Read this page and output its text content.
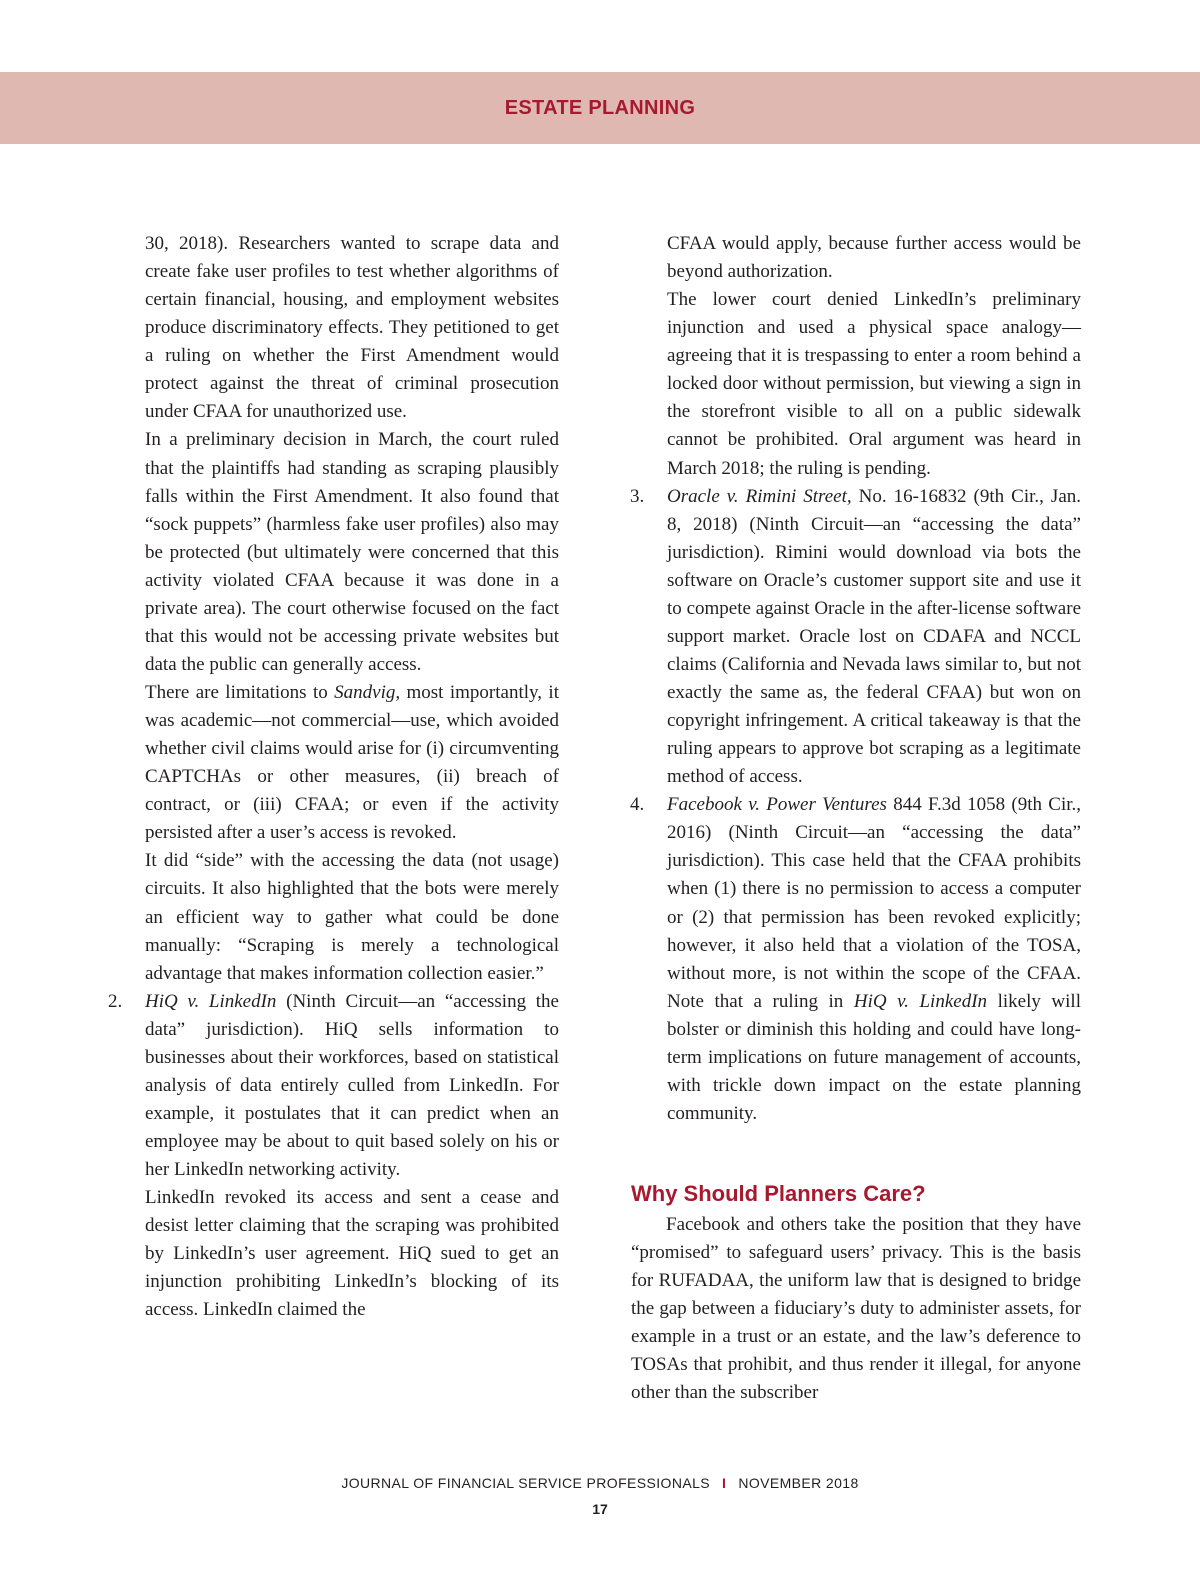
ESTATE PLANNING

30, 2018). Researchers wanted to scrape data and create fake user profiles to test whether algorithms of certain financial, housing, and employment websites produce discriminatory effects. They petitioned to get a ruling on whether the First Amendment would protect against the threat of criminal prosecution under CFAA for unauthorized use.

In a preliminary decision in March, the court ruled that the plaintiffs had standing as scraping plausibly falls within the First Amendment. It also found that “sock puppets” (harmless fake user profiles) also may be protected (but ultimately were concerned that this activity violated CFAA because it was done in a private area). The court otherwise focused on the fact that this would not be accessing private websites but data the public can generally access.

There are limitations to Sandvig, most importantly, it was academic—not commercial—use, which avoided whether civil claims would arise for (i) circumventing CAPTCHAs or other measures, (ii) breach of contract, or (iii) CFAA; or even if the activity persisted after a user’s access is revoked.

It did “side” with the accessing the data (not usage) circuits. It also highlighted that the bots were merely an efficient way to gather what could be done manually: “Scraping is merely a technological advantage that makes information collection easier.”

2. HiQ v. LinkedIn (Ninth Circuit—an “accessing the data” jurisdiction). HiQ sells information to businesses about their workforces, based on statistical analysis of data entirely culled from LinkedIn. For example, it postulates that it can predict when an employee may be about to quit based solely on his or her LinkedIn networking activity.

LinkedIn revoked its access and sent a cease and desist letter claiming that the scraping was prohibited by LinkedIn’s user agreement. HiQ sued to get an injunction prohibiting LinkedIn’s blocking of its access. LinkedIn claimed the

CFAA would apply, because further access would be beyond authorization.

The lower court denied LinkedIn’s preliminary injunction and used a physical space analogy—agreeing that it is trespassing to enter a room behind a locked door without permission, but viewing a sign in the storefront visible to all on a public sidewalk cannot be prohibited. Oral argument was heard in March 2018; the ruling is pending.

3. Oracle v. Rimini Street, No. 16-16832 (9th Cir., Jan. 8, 2018) (Ninth Circuit—an “accessing the data” jurisdiction). Rimini would download via bots the software on Oracle’s customer support site and use it to compete against Oracle in the after-license software support market. Oracle lost on CDAFA and NCCL claims (California and Nevada laws similar to, but not exactly the same as, the federal CFAA) but won on copyright infringement. A critical takeaway is that the ruling appears to approve bot scraping as a legitimate method of access.

4. Facebook v. Power Ventures 844 F.3d 1058 (9th Cir., 2016) (Ninth Circuit—an “accessing the data” jurisdiction). This case held that the CFAA prohibits when (1) there is no permission to access a computer or (2) that permission has been revoked explicitly; however, it also held that a violation of the TOSA, without more, is not within the scope of the CFAA. Note that a ruling in HiQ v. LinkedIn likely will bolster or diminish this holding and could have long-term implications on future management of accounts, with trickle down impact on the estate planning community.

Why Should Planners Care?

Facebook and others take the position that they have “promised” to safeguard users’ privacy. This is the basis for RUFADAA, the uniform law that is designed to bridge the gap between a fiduciary’s duty to administer assets, for example in a trust or an estate, and the law’s deference to TOSAs that prohibit, and thus render it illegal, for anyone other than the subscriber

JOURNAL OF FINANCIAL SERVICE PROFESSIONALS I NOVEMBER 2018
17
